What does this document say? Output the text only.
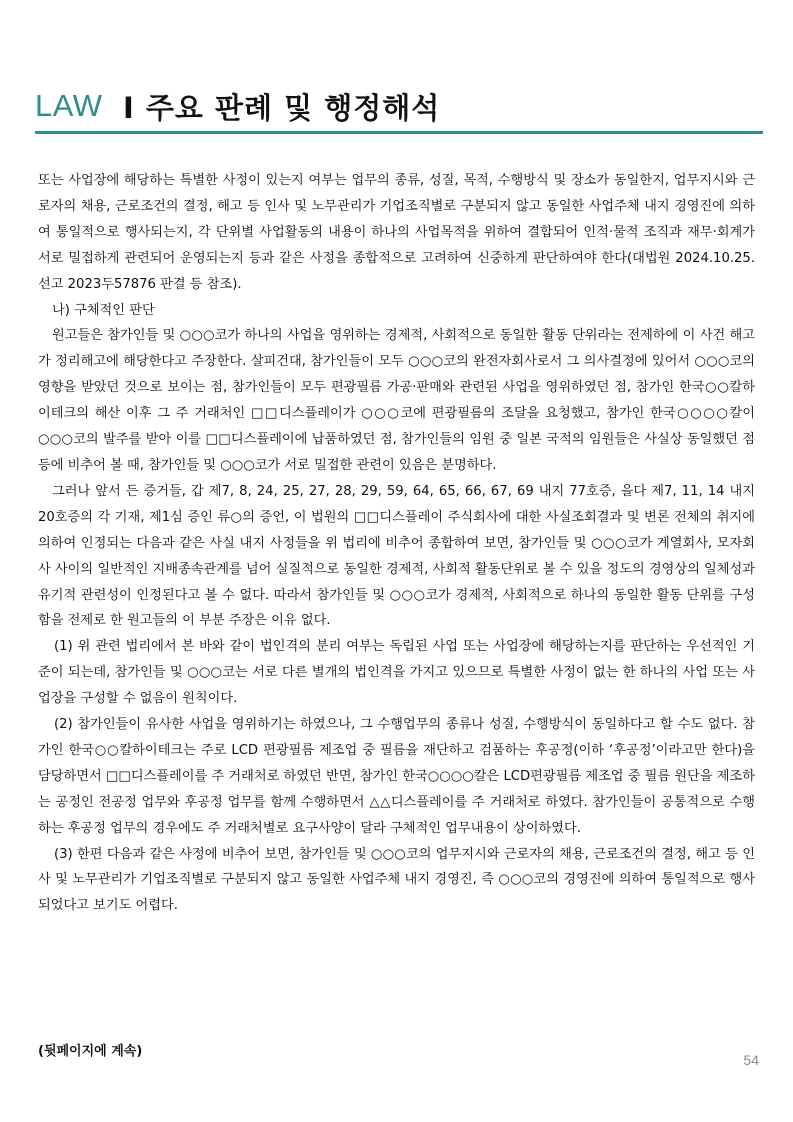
LAW I 주요 판례 및 행정해석

또는 사업장에 해당하는 특별한 사정이 있는지 여부는 업무의 종류, 성질, 목적, 수행방식 및 장소가 동일한지, 업무지시와 근로자의 채용, 근로조건의 결정, 해고 등 인사 및 노무관리가 기업조직별로 구분되지 않고 동일한 사업주체 내지 경영진에 의하여 통일적으로 행사되는지, 각 단위별 사업활동의 내용이 하나의 사업목적을 위하여 결합되어 인적·물적 조직과 재무·회계가 서로 밀접하게 관련되어 운영되는지 등과 같은 사정을 종합적으로 고려하여 신중하게 판단하여야 한다(대법원 2024.10.25. 선고 2023두57876 판결 등 참조).

나) 구체적인 판단

원고들은 참가인들 및 ○○○코가 하나의 사업을 영위하는 경제적, 사회적으로 동일한 활동 단위라는 전제하에 이 사건 해고가 정리해고에 해당한다고 주장한다. 살피건대, 참가인들이 모두 ○○○코의 완전자회사로서 그 의사결정에 있어서 ○○○코의 영향을 받았던 것으로 보이는 점, 참가인들이 모두 편광필름 가공·판매와 관련된 사업을 영위하였던 점, 참가인 한국○○칼하이테크의 해산 이후 그 주 거래처인 □□디스플레이가 ○○○코에 편광필름의 조달을 요청했고, 참가인 한국○○○○칼이 ○○○코의 발주를 받아 이를 □□디스플레이에 납품하였던 점, 참가인들의 임원 중 일본 국적의 임원들은 사실상 동일했던 점 등에 비추어 볼 때, 참가인들 및 ○○○코가 서로 밀접한 관련이 있음은 분명하다.

그러나 앞서 든 증거들, 갑 제7, 8, 24, 25, 27, 28, 29, 59, 64, 65, 66, 67, 69 내지 77호증, 을다 제7, 11, 14 내지 20호증의 각 기재, 제1심 증인 류○의 증언, 이 법원의 □□디스플레이 주식회사에 대한 사실조회결과 및 변론 전체의 취지에 의하여 인정되는 다음과 같은 사실 내지 사정들을 위 법리에 비추어 종합하여 보면, 참가인들 및 ○○○코가 계열회사, 모자회사 사이의 일반적인 지배종속관계를 넘어 실질적으로 동일한 경제적, 사회적 활동단위로 볼 수 있을 정도의 경영상의 일체성과 유기적 관련성이 인정된다고 볼 수 없다. 따라서 참가인들 및 ○○○코가 경제적, 사회적으로 하나의 동일한 활동 단위를 구성함을 전제로 한 원고들의 이 부분 주장은 이유 없다.

(1) 위 관련 법리에서 본 바와 같이 법인격의 분리 여부는 독립된 사업 또는 사업장에 해당하는지를 판단하는 우선적인 기준이 되는데, 참가인들 및 ○○○코는 서로 다른 별개의 법인격을 가지고 있으므로 특별한 사정이 없는 한 하나의 사업 또는 사업장을 구성할 수 없음이 원칙이다.

(2) 참가인들이 유사한 사업을 영위하기는 하였으나, 그 수행업무의 종류나 성질, 수행방식이 동일하다고 할 수도 없다. 참가인 한국○○칼하이테크는 주로 LCD 편광필름 제조업 중 필름을 재단하고 검품하는 후공정(이하 ‘후공정’이라고만 한다)을 담당하면서 □□디스플레이를 주 거래처로 하였던 반면, 참가인 한국○○○○칼은 LCD편광필름 제조업 중 필름 원단을 제조하는 공정인 전공정 업무와 후공정 업무를 함께 수행하면서 △△디스플레이를 주 거래처로 하였다. 참가인들이 공통적으로 수행하는 후공정 업무의 경우에도 주 거래처별로 요구사양이 달라 구체적인 업무내용이 상이하였다.

(3) 한편 다음과 같은 사정에 비추어 보면, 참가인들 및 ○○○코의 업무지시와 근로자의 채용, 근로조건의 결정, 해고 등 인사 및 노무관리가 기업조직별로 구분되지 않고 동일한 사업주체 내지 경영진, 즉 ○○○코의 경영진에 의하여 통일적으로 행사되었다고 보기도 어렵다.

(뒷페이지에 계속)
54
